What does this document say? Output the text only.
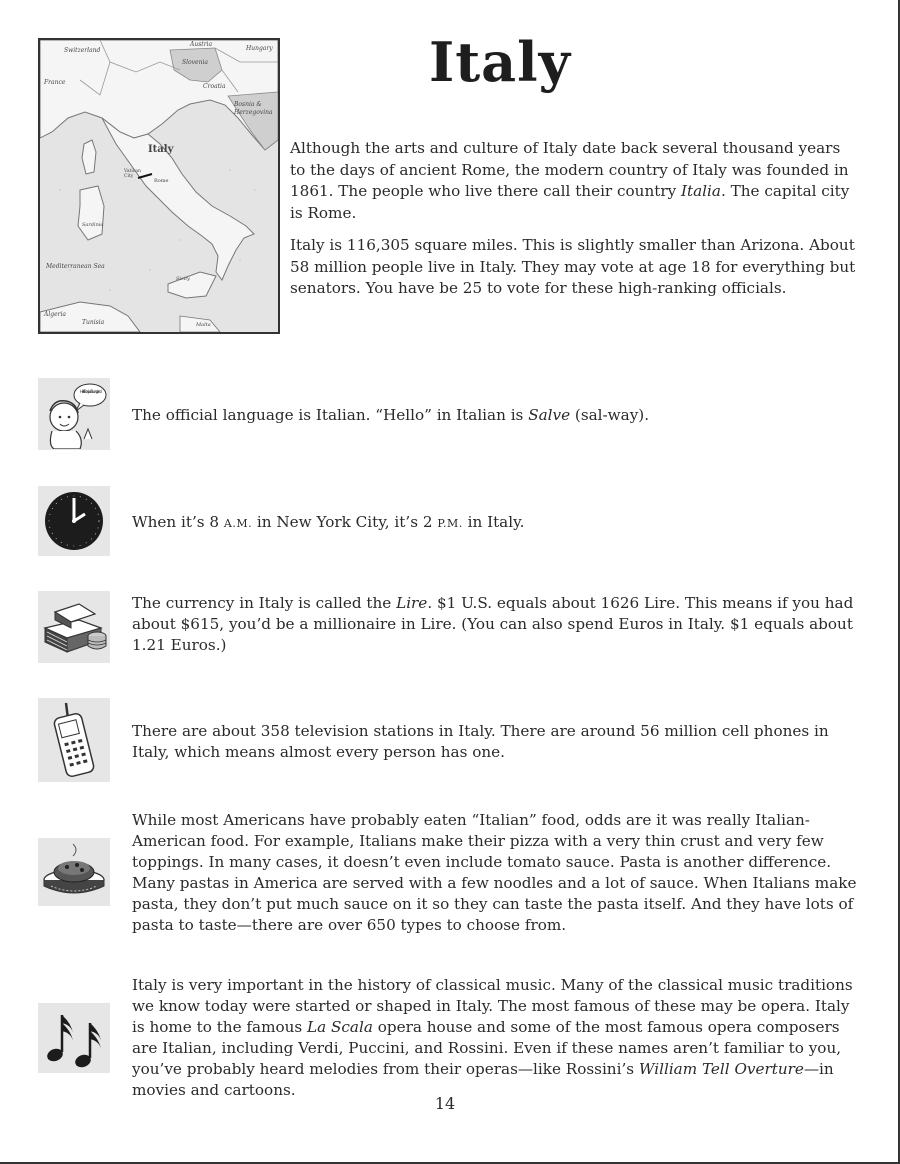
Switzerland
Austria
Hungary
Slovenia
Croatia
Bosnia &
Herzegovina
France
Italy
Vatican
City
Rome
Sardinia
Mediterranean Sea
Algeria
Tunisia	Malta
Sicily
Italy

Although the arts and culture of Italy date back several thousand years to the days of ancient Rome, the modern country of Italy was founded in 1861. The people who live there call their country Italia. The capital city is Rome.

Italy is 116,305 square miles. This is slightly smaller than Arizona. About 58 million people live in Italy. They may vote at age 18 for everything but senators. You have be 25 to vote for these high-ranking officials.

Hello! Bonjour! Buongiorno!

The official language is Italian. “Hello” in Italian is Salve (sal-way).

When it’s 8 A.M. in New York City, it’s 2 P.M. in Italy.

The currency in Italy is called the Lire. $1 U.S. equals about 1626 Lire. This means if you had about $615, you’d be a millionaire in Lire. (You can also spend Euros in Italy. $1 equals about 1.21 Euros.)

There are about 358 television stations in Italy. There are around 56 million cell phones in Italy, which means almost every person has one.

While most Americans have probably eaten “Italian” food, odds are it was really Italian-American food. For example, Italians make their pizza with a very thin crust and very few toppings. In many cases, it doesn’t even include tomato sauce. Pasta is another difference. Many pastas in America are served with a few noodles and a lot of sauce. When Italians make pasta, they don’t put much sauce on it so they can taste the pasta itself. And they have lots of pasta to taste—there are over 650 types to choose from.

Italy is very important in the history of classical music. Many of the classical music traditions we know today were started or shaped in Italy. The most famous of these may be opera. Italy is home to the famous La Scala opera house and some of the most famous opera composers are Italian, including Verdi, Puccini, and Rossini. Even if these names aren’t familiar to you, you’ve probably heard melodies from their operas—like Rossini’s William Tell Overture—in movies and cartoons.

14
